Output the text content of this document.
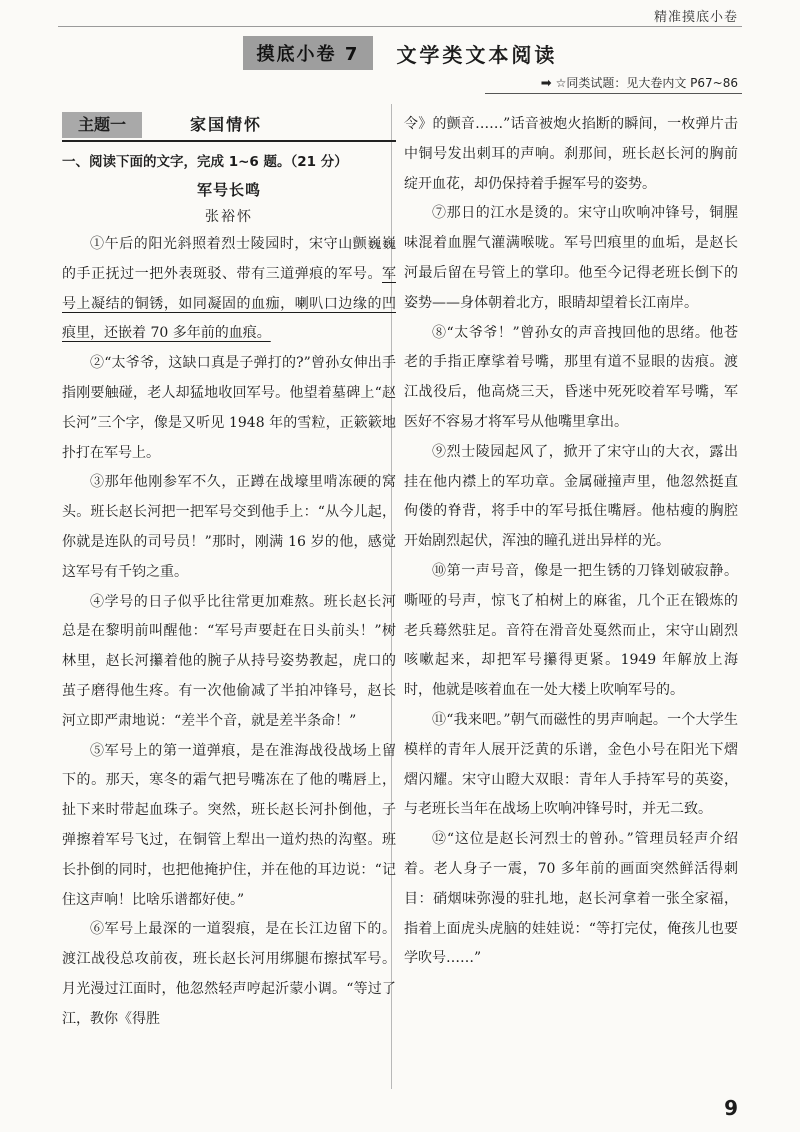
精准摸底小卷
摸底小卷 7 文学类文本阅读
➡ ☆同类试题：见大卷内文 P67~86
主题一	家国情怀
一、阅读下面的文字，完成 1~6 题。（21 分）
军号长鸣
张裕怀

①午后的阳光斜照着烈士陵园时，宋守山颤巍巍的手正抚过一把外表斑驳、带有三道弹痕的军号。军号上凝结的铜锈，如同凝固的血痂，喇叭口边缘的凹痕里，还嵌着 70 多年前的血痕。

②“太爷爷，这缺口真是子弹打的?”曾孙女伸出手指刚要触碰，老人却猛地收回军号。他望着墓碑上“赵长河”三个字，像是又听见 1948 年的雪粒，正簌簌地扑打在军号上。

③那年他刚参军不久，正蹲在战壕里啃冻硬的窝头。班长赵长河把一把军号交到他手上：“从今儿起，你就是连队的司号员！”那时，刚满 16 岁的他，感觉这军号有千钧之重。

④学号的日子似乎比往常更加难熬。班长赵长河总是在黎明前叫醒他：“军号声要赶在日头前头！”树林里，赵长河攥着他的腕子从持号姿势教起，虎口的茧子磨得他生疼。有一次他偷减了半拍冲锋号，赵长河立即严肃地说：“差半个音，就是差半条命！”

⑤军号上的第一道弹痕，是在淮海战役战场上留下的。那天，寒冬的霜气把号嘴冻在了他的嘴唇上，扯下来时带起血珠子。突然，班长赵长河扑倒他，子弹擦着军号飞过，在铜管上犁出一道灼热的沟壑。班长扑倒的同时，也把他掩护住，并在他的耳边说：“记住这声响！比啥乐谱都好使。”

⑥军号上最深的一道裂痕，是在长江边留下的。渡江战役总攻前夜，班长赵长河用绑腿布擦拭军号。月光漫过江面时，他忽然轻声哼起沂蒙小调。“等过了江，教你《得胜

令》的颤音……”话音被炮火掐断的瞬间，一枚弹片击中铜号发出刺耳的声响。刹那间，班长赵长河的胸前绽开血花，却仍保持着手握军号的姿势。

⑦那日的江水是烫的。宋守山吹响冲锋号，铜腥味混着血腥气灌满喉咙。军号凹痕里的血垢，是赵长河最后留在号管上的掌印。他至今记得老班长倒下的姿势——身体朝着北方，眼睛却望着长江南岸。

⑧“太爷爷！”曾孙女的声音拽回他的思绪。他苍老的手指正摩挲着号嘴，那里有道不显眼的齿痕。渡江战役后，他高烧三天，昏迷中死死咬着军号嘴，军医好不容易才将军号从他嘴里拿出。

⑨烈士陵园起风了，掀开了宋守山的大衣，露出挂在他内襟上的军功章。金属碰撞声里，他忽然挺直佝偻的脊背，将手中的军号抵住嘴唇。他枯瘦的胸腔开始剧烈起伏，浑浊的瞳孔迸出异样的光。

⑩第一声号音，像是一把生锈的刀锋划破寂静。嘶哑的号声，惊飞了柏树上的麻雀，几个正在锻炼的老兵蓦然驻足。音符在滑音处戛然而止，宋守山剧烈咳嗽起来，却把军号攥得更紧。1949 年解放上海时，他就是咳着血在一处大楼上吹响军号的。

⑪“我来吧。”朝气而磁性的男声响起。一个大学生模样的青年人展开泛黄的乐谱，金色小号在阳光下熠熠闪耀。宋守山瞪大双眼：青年人手持军号的英姿，与老班长当年在战场上吹响冲锋号时，并无二致。

⑫“这位是赵长河烈士的曾孙。”管理员轻声介绍着。老人身子一震，70 多年前的画面突然鲜活得刺目：硝烟味弥漫的驻扎地，赵长河拿着一张全家福，指着上面虎头虎脑的娃娃说：“等打完仗，俺孩儿也要学吹号……”

9
